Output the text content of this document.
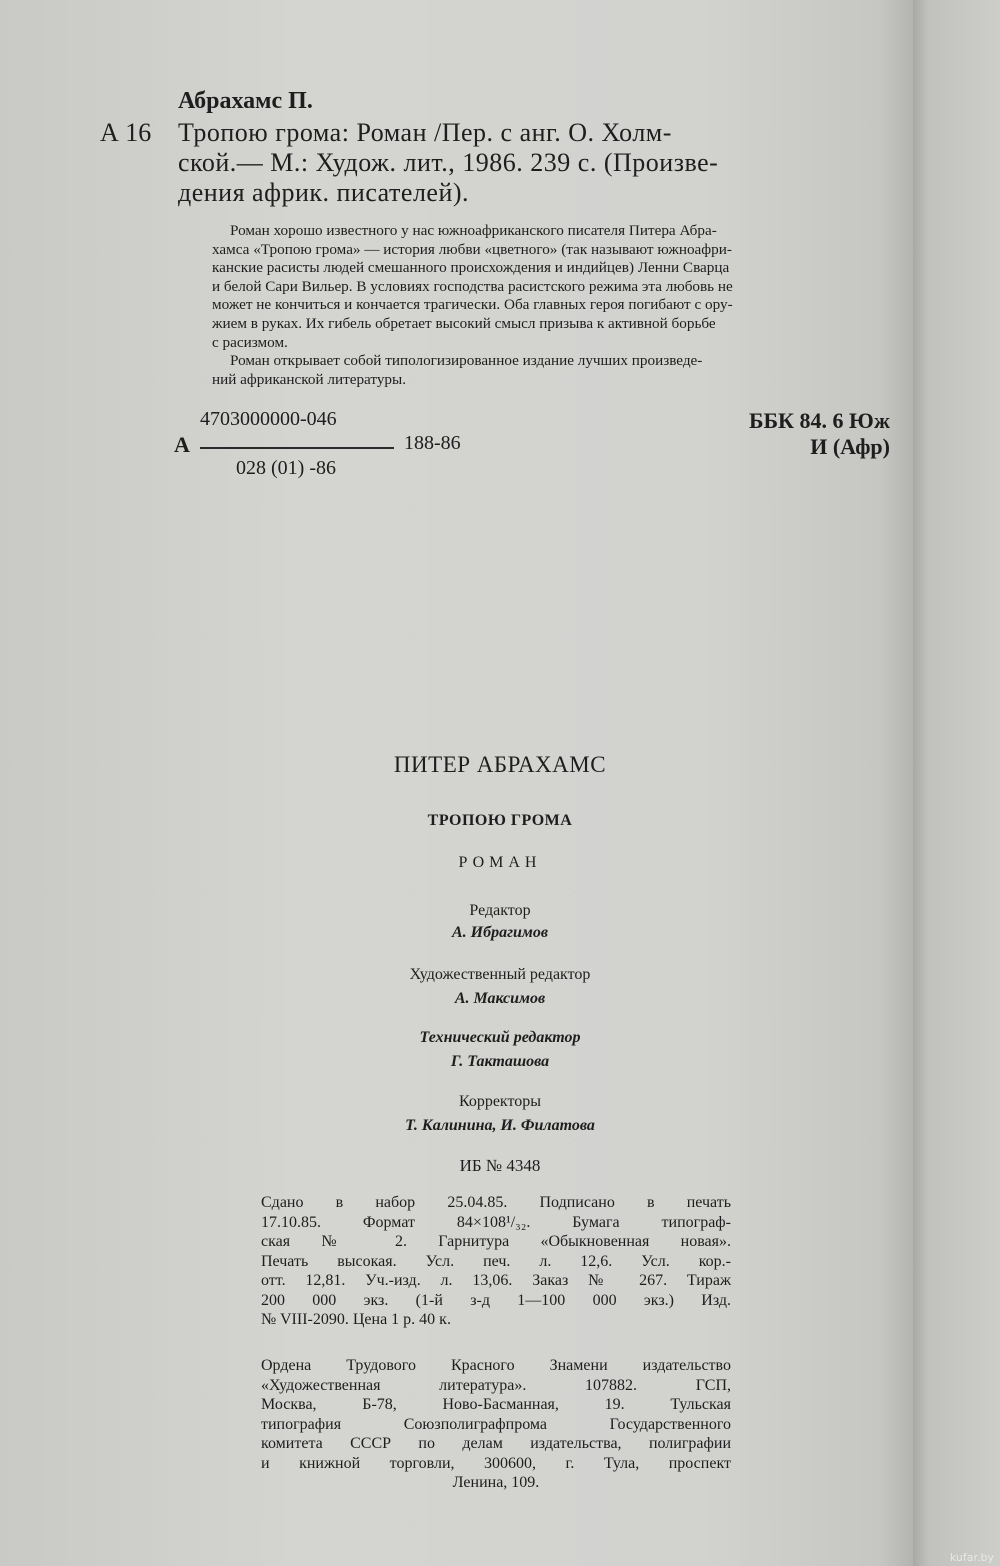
Абрахамс П.
А 16 Тропою грома: Роман /Пер. с анг. О. Холм-
ской.— М.: Худож. лит., 1986. 239 с. (Произве-
дения африк. писателей).

Роман хорошо известного у нас южноафриканского писателя Питера Абра-

хамса «Тропою грома» — история любви «цветного» (так называют южноафри-

канские расисты людей смешанного происхождения и индийцев) Ленни Сварца

и белой Сари Вильер. В условиях господства расистского режима эта любовь не

может не кончиться и кончается трагически. Оба главных героя погибают с ору-

жием в руках. Их гибель обретает высокий смысл призыва к активной борьбе

с расизмом.

Роман открывает собой типологизированное издание лучших произведе-

ний африканской литературы.

4703000000-046
А	188-86
028 (01) -86
ББК 84. 6 Юж
И (Афр)
ПИТЕР АБРАХАМС
ТРОПОЮ ГРОМА
РОМАН
Редактор
А. Ибрагимов
Художественный редактор
А. Максимов
Технический редактор
Г. Такташова
Корректоры
Т. Калинина, И. Филатова
ИБ № 4348
Сдано в набор 25.04.85. Подписано в печать
17.10.85. Формат 84×108¹/₃₂. Бумага типограф-
ская № 2. Гарнитура «Обыкновенная новая».
Печать высокая. Усл. печ. л. 12,6. Усл. кор.-
отт. 12,81. Уч.-изд. л. 13,06. Заказ № 267. Тираж
200 000 экз. (1-й з-д 1—100 000 экз.) Изд.
№ VIII-2090. Цена 1 р. 40 к.
Ордена Трудового Красного Знамени издательство
«Художественная литература». 107882. ГСП,
Москва, Б-78, Ново-Басманная, 19. Тульская
типография Союзполиграфпрома Государственного
комитета СССР по делам издательства, полиграфии
и книжной торговли, 300600, г. Тула, проспект
Ленина, 109.
kufar.by
